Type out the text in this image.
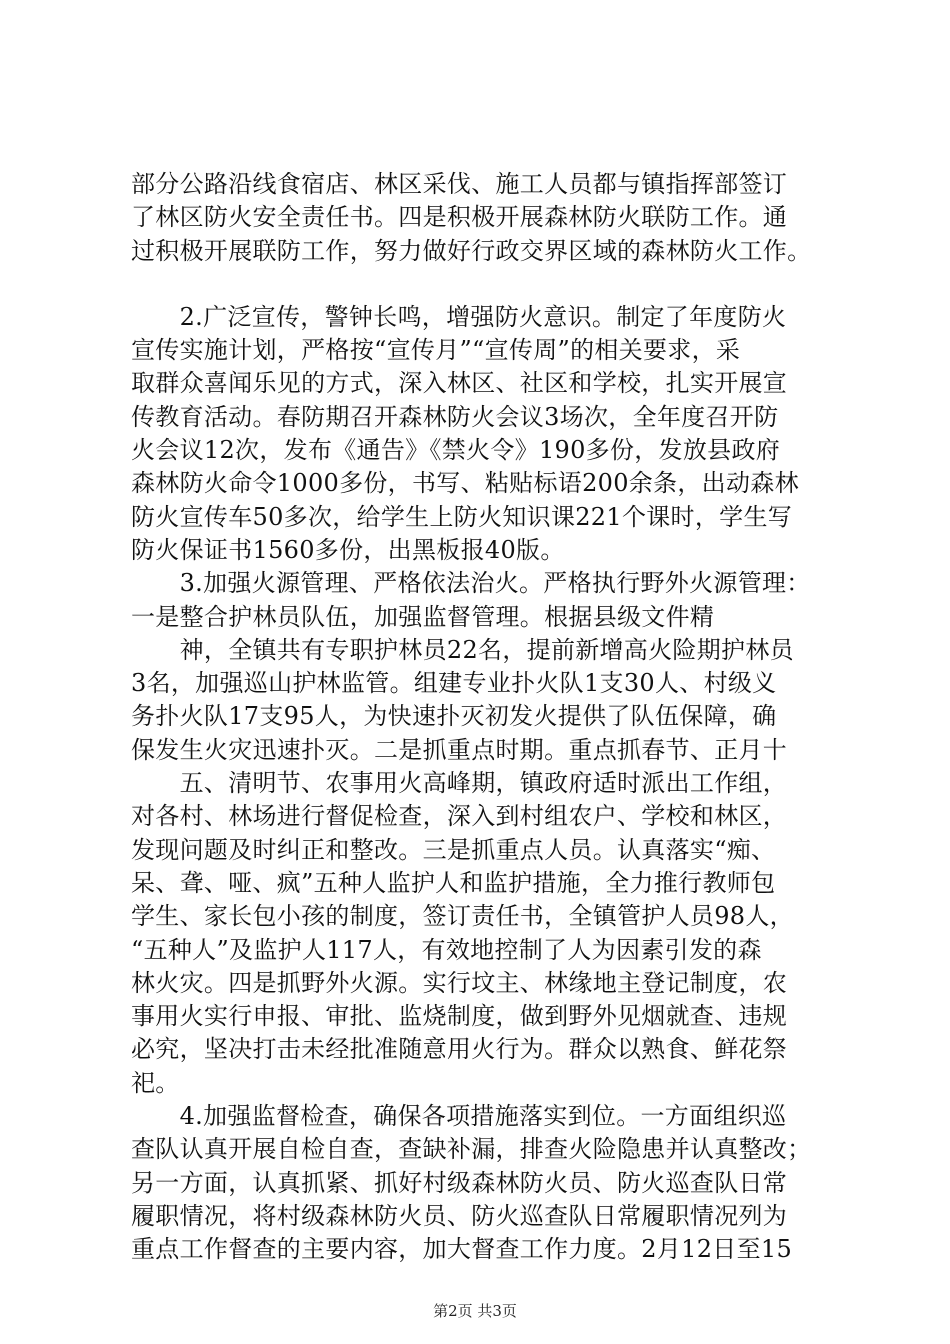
部分公路沿线食宿店、林区采伐、施工人员都与镇指挥部签订
了林区防火安全责任书。四是积极开展森林防火联防工作。通
过积极开展联防工作，努力做好行政交界区域的森林防火工作。
　　2.广泛宣传，警钟长鸣，增强防火意识。制定了年度防火
宣传实施计划，严格按“宣传月”“宣传周”的相关要求，采
取群众喜闻乐见的方式，深入林区、社区和学校，扎实开展宣
传教育活动。春防期召开森林防火会议3场次，全年度召开防
火会议12次，发布《通告》《禁火令》190多份，发放县政府
森林防火命令1000多份，书写、粘贴标语200余条，出动森林
防火宣传车50多次，给学生上防火知识课221个课时，学生写
防火保证书1560多份，出黑板报40版。
　　3.加强火源管理、严格依法治火。严格执行野外火源管理：
一是整合护林员队伍，加强监督管理。根据县级文件精
　　神，全镇共有专职护林员22名，提前新增高火险期护林员
3名，加强巡山护林监管。组建专业扑火队1支30人、村级义
务扑火队17支95人，为快速扑灭初发火提供了队伍保障，确
保发生火灾迅速扑灭。二是抓重点时期。重点抓春节、正月十
　　五、清明节、农事用火高峰期，镇政府适时派出工作组，
对各村、林场进行督促检查，深入到村组农户、学校和林区，
发现问题及时纠正和整改。三是抓重点人员。认真落实“痴、
呆、聋、哑、疯”五种人监护人和监护措施，全力推行教师包
学生、家长包小孩的制度，签订责任书，全镇管护人员98人，
“五种人”及监护人117人，有效地控制了人为因素引发的森
林火灾。四是抓野外火源。实行坟主、林缘地主登记制度，农
事用火实行申报、审批、监烧制度，做到野外见烟就查、违规
必究，坚决打击未经批准随意用火行为。群众以熟食、鲜花祭
祀。
　　4.加强监督检查，确保各项措施落实到位。一方面组织巡
查队认真开展自检自查，查缺补漏，排查火险隐患并认真整改；
另一方面，认真抓紧、抓好村级森林防火员、防火巡查队日常
履职情况，将村级森林防火员、防火巡查队日常履职情况列为
重点工作督查的主要内容，加大督查工作力度。2月12日至15
第2页 共3页
